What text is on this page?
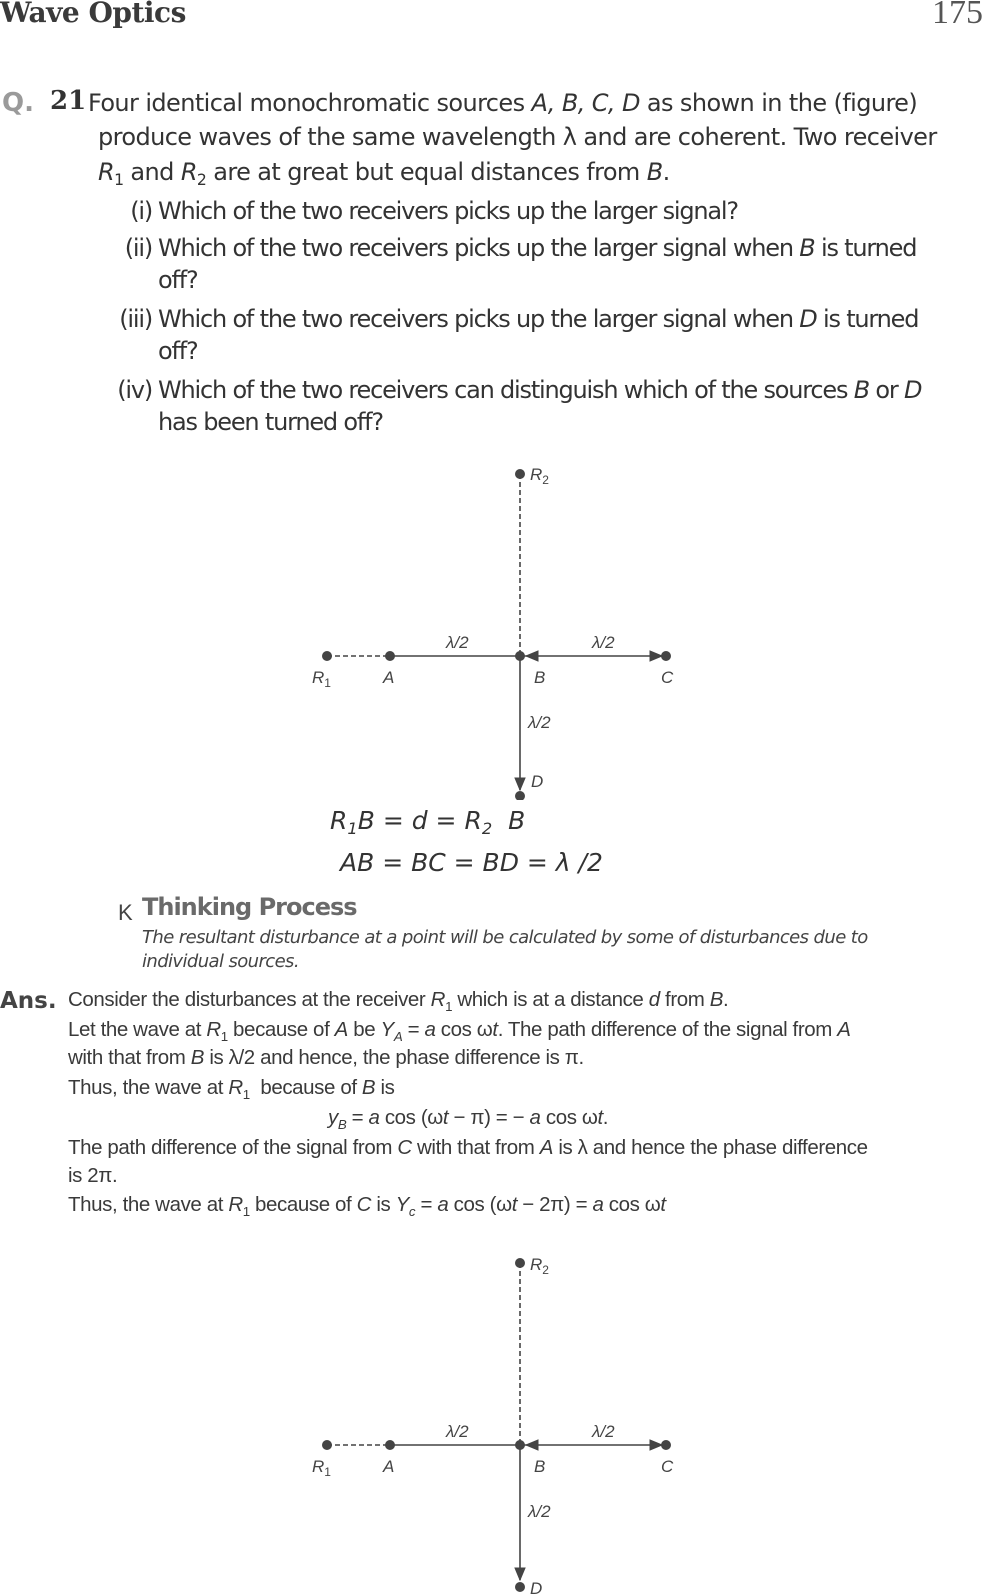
Wave Optics	175
Q. 21 Four identical monochromatic sources A, B, C, D as shown in the (figure)
produce waves of the same wavelength λ and are coherent. Two receiver
$R_1$ and $R_2$ are at great but equal distances from B.
(i) Which of the two receivers picks up the larger signal?
(ii) Which of the two receivers picks up the larger signal when B is turned
off?
(iii) Which of the two receivers picks up the larger signal when D is turned
off?
(iv) Which of the two receivers can distinguish which of the sources B or D
has been turned off?
$R_2$
$R_1$	A	B	C
λ/2	λ/2
λ/2
D
$R_1B = d = R_2$ B
AB = BC = BD = λ /2
K Thinking Process
The resultant disturbance at a point will be calculated by some of disturbances due to
individual sources.
Ans. Consider the disturbances at the receiver $R_1$ which is at a distance d from B.
Let the wave at $R_1$ because of A be $Y_A = a$ cos ωt. The path difference of the signal from A
with that from B is λ/2 and hence, the phase difference is π.
Thus, the wave at $R_1$  because of B is
$y_B = a$ cos (ωt − π) = − a cos ωt.
The path difference of the signal from C with that from A is λ and hence the phase difference
is 2π.
Thus, the wave at $R_1$ because of C is $Y_c = a$ cos (ωt − 2π) = a cos ωt
$R_2$
$R_1$	A	B	C
λ/2	λ/2
λ/2
D
